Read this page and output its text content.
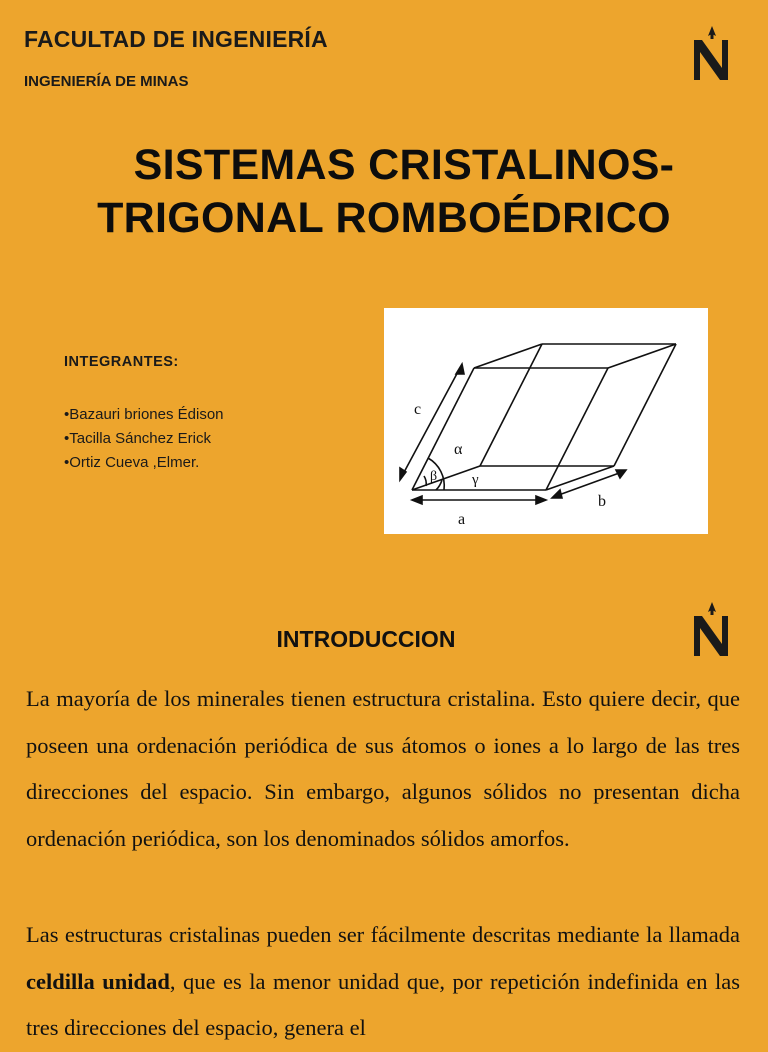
FACULTAD DE INGENIERÍA
INGENIERÍA DE MINAS
SISTEMAS CRISTALINOS-
TRIGONAL ROMBOÉDRICO
INTEGRANTES:
•Bazauri briones Édison
•Tacilla Sánchez Erick
•Ortiz Cueva ,Elmer.
c
α
β γ
a
b
INTRODUCCION

La mayoría de los minerales tienen estructura cristalina. Esto quiere decir, que poseen una ordenación periódica de sus átomos o iones a lo largo de las tres direcciones del espacio. Sin embargo, algunos sólidos no presentan dicha ordenación periódica, son los denominados sólidos amorfos.

Las estructuras cristalinas pueden ser fácilmente descritas mediante la llamada celdilla unidad, que es la menor unidad que, por repetición indefinida en las tres direcciones del espacio, genera el
